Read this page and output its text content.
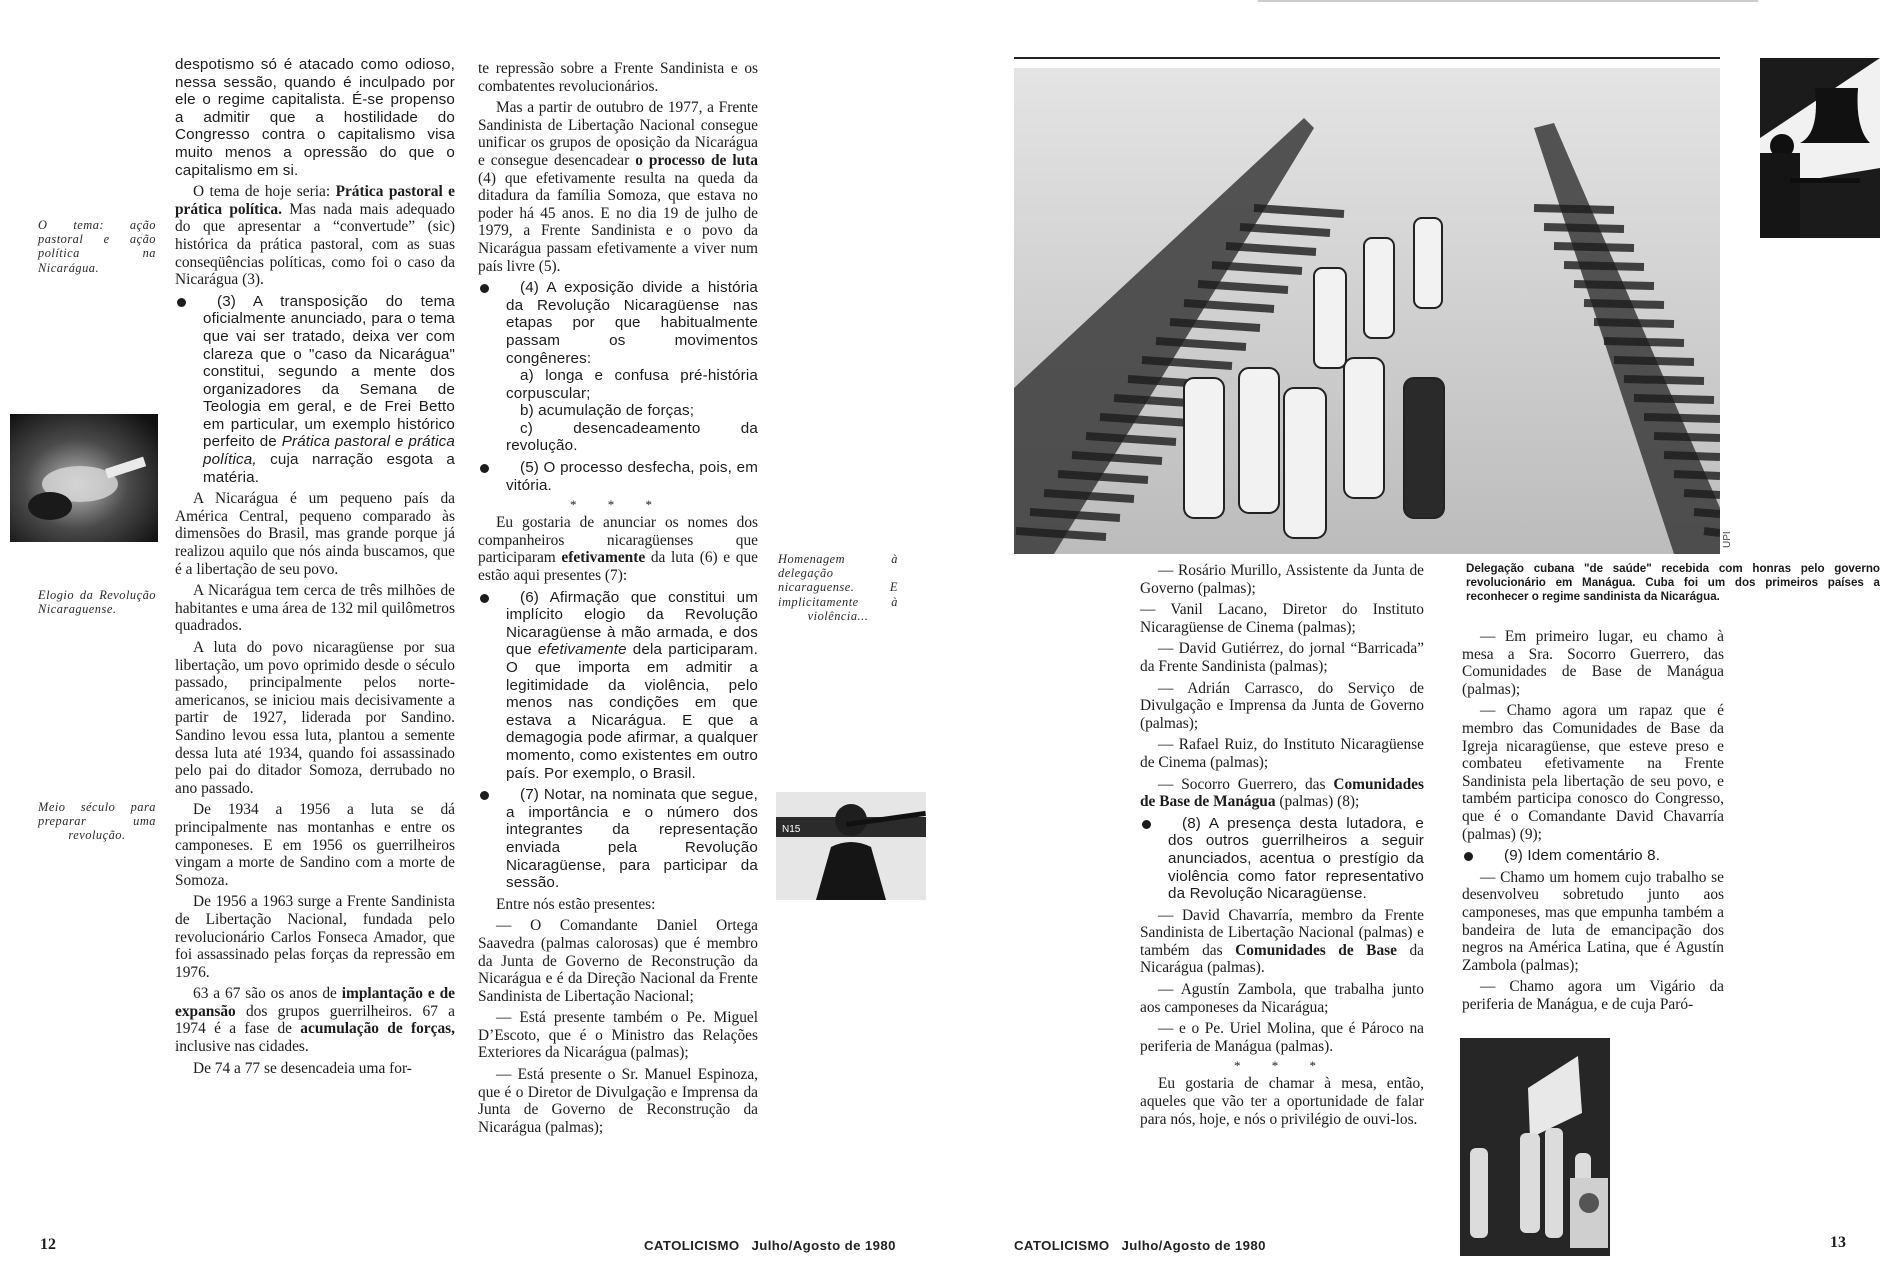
O tema: ação pastoral e ação política na Nicarágua.
Elogio da Revolução Nicaraguense.
Meio século para preparar uma revolução.

despotismo só é atacado como odioso, nessa sessão, quando é inculpado por ele o regime capitalista. É-se propenso a admitir que a hostilidade do Congresso contra o capitalismo visa muito menos a opressão do que o capitalismo em si.

O tema de hoje seria: Prática pastoral e prática política. Mas nada mais adequado do que apresentar a “convertude” (sic) histórica da prática pastoral, com as suas conseqüências políticas, como foi o caso da Nicarágua (3).

(3) A transposição do tema oficialmente anunciado, para o tema que vai ser tratado, deixa ver com clareza que o "caso da Nicarágua" constitui, segundo a mente dos organizadores da Semana de Teologia em geral, e de Frei Betto em particular, um exemplo histórico perfeito de Prática pastoral e prática política, cuja narração esgota a matéria.

A Nicarágua é um pequeno país da América Central, pequeno comparado às dimensões do Brasil, mas grande porque já realizou aquilo que nós ainda buscamos, que é a libertação de seu povo.

A Nicarágua tem cerca de três milhões de habitantes e uma área de 132 mil quilômetros quadrados.

A luta do povo nicaragüense por sua libertação, um povo oprimido desde o século passado, principalmente pelos norte-americanos, se iniciou mais decisivamente a partir de 1927, liderada por Sandino. Sandino levou essa luta, plantou a semente dessa luta até 1934, quando foi assassinado pelo pai do ditador Somoza, derrubado no ano passado.

De 1934 a 1956 a luta se dá principalmente nas montanhas e entre os camponeses. E em 1956 os guerrilheiros vingam a morte de Sandino com a morte de Somoza.

De 1956 a 1963 surge a Frente Sandinista de Libertação Nacional, fundada pelo revolucionário Carlos Fonseca Amador, que foi assassinado pelas forças da repressão em 1976.

63 a 67 são os anos de implantação e de expansão dos grupos guerrilheiros. 67 a 1974 é a fase de acumulação de forças, inclusive nas cidades.

De 74 a 77 se desencadeia uma for-

te repressão sobre a Frente Sandinista e os combatentes revolucionários.

Mas a partir de outubro de 1977, a Frente Sandinista de Libertação Nacional consegue unificar os grupos de oposição da Nicarágua e consegue desencadear o processo de luta (4) que efetivamente resulta na queda da ditadura da família Somoza, que estava no poder há 45 anos. E no dia 19 de julho de 1979, a Frente Sandinista e o povo da Nicarágua passam efetivamente a viver num país livre (5).

(4) A exposição divide a história da Revolução Nicaragüense nas etapas por que habitualmente passam os movimentos congêneres:

a) longa e confusa pré-história corpuscular;

b) acumulação de forças;

c) desencadeamento da revolução.

(5) O processo desfecha, pois, em vitória.

* * *

Eu gostaria de anunciar os nomes dos companheiros nicaragüenses que participaram efetivamente da luta (6) e que estão aqui presentes (7):

(6) Afirmação que constitui um implícito elogio da Revolução Nicaragüense à mão armada, e dos que efetivamente dela participaram. O que importa em admitir a legitimidade da violência, pelo menos nas condições em que estava a Nicarágua. E que a demagogia pode afirmar, a qualquer momento, como existentes em outro país. Por exemplo, o Brasil.

(7) Notar, na nominata que segue, a importância e o número dos integrantes da representação enviada pela Revolução Nicaragüense, para participar da sessão.

Entre nós estão presentes:

— O Comandante Daniel Ortega Saavedra (palmas calorosas) que é membro da Junta de Governo de Reconstrução da Nicarágua e é da Direção Nacional da Frente Sandinista de Libertação Nacional;

— Está presente também o Pe. Miguel D’Escoto, que é o Ministro das Relações Exteriores da Nicarágua (palmas);

— Está presente o Sr. Manuel Espinoza, que é o Diretor de Divulgação e Imprensa da Junta de Governo de Reconstrução da Nicarágua (palmas);

Homenagem à delegação nicaraguense. E implicitamente à violência...
N15
12	CATOLICISMO Julho/Agosto de 1980
UPI
Delegação cubana "de saúde" recebida com honras pelo governo revolucionário em Manágua. Cuba foi um dos primeiros países a reconhecer o regime sandinista da Nicarágua.

— Rosário Murillo, Assistente da Junta de Governo (palmas);

— Vanil Lacano, Diretor do Instituto Nicaragüense de Cinema (palmas);

— David Gutiérrez, do jornal “Barricada” da Frente Sandinista (palmas);

— Adrián Carrasco, do Serviço de Divulgação e Imprensa da Junta de Governo (palmas);

— Rafael Ruiz, do Instituto Nicaragüense de Cinema (palmas);

— Socorro Guerrero, das Comunidades de Base de Manágua (palmas) (8);

(8) A presença desta lutadora, e dos outros guerrilheiros a seguir anunciados, acentua o prestígio da violência como fator representativo da Revolução Nicaragüense.

— David Chavarría, membro da Frente Sandinista de Libertação Nacional (palmas) e também das Comunidades de Base da Nicarágua (palmas).

— Agustín Zambola, que trabalha junto aos camponeses da Nicarágua;

— e o Pe. Uriel Molina, que é Pároco na periferia de Manágua (palmas).

* * *

Eu gostaria de chamar à mesa, então, aqueles que vão ter a oportunidade de falar para nós, hoje, e nós o privilégio de ouvi-los.

— Em primeiro lugar, eu chamo à mesa a Sra. Socorro Guerrero, das Comunidades de Base de Manágua (palmas);

— Chamo agora um rapaz que é membro das Comunidades de Base da Igreja nicaragüense, que esteve preso e combateu efetivamente na Frente Sandinista pela libertação de seu povo, e também participa conosco do Congresso, que é o Comandante David Chavarría (palmas) (9);

(9) Idem comentário 8.

— Chamo um homem cujo trabalho se desenvolveu sobretudo junto aos camponeses, mas que empunha também a bandeira de luta de emancipação dos negros na América Latina, que é Agustín Zambola (palmas);

— Chamo agora um Vigário da periferia de Manágua, e de cuja Paró-

CATOLICISMO Julho/Agosto de 1980	13
